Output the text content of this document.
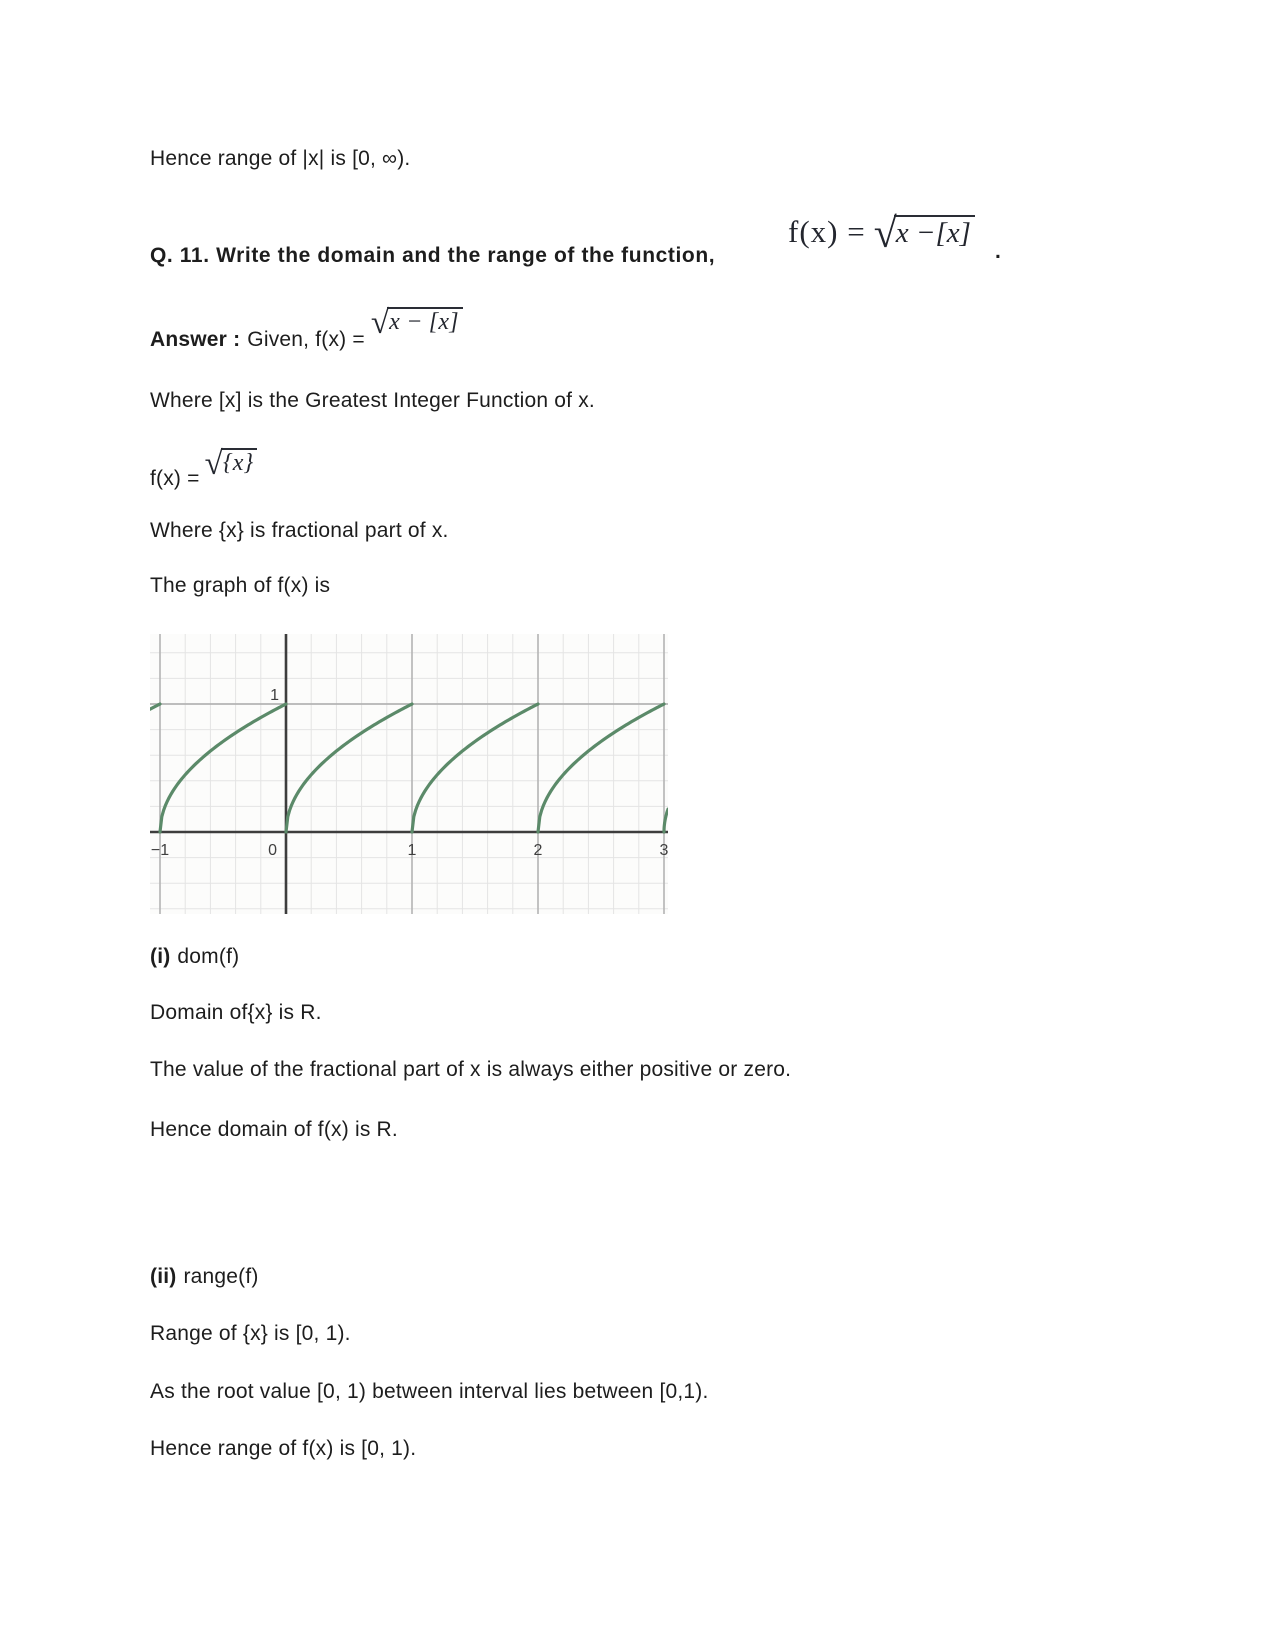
Hence range of |x| is [0, ∞).
Q. 11. Write the domain and the range of the function,
f(x) = √x −[x]
.
Answer : Given, f(x) = √x − [x]
Where [x] is the Greatest Integer Function of x.
f(x) = √{x}
Where {x} is fractional part of x.
The graph of f(x) is
−1	0	1	2	3
1
(i) dom(f)
Domain of{x} is R.
The value of the fractional part of x is always either positive or zero.
Hence domain of f(x) is R.
(ii) range(f)
Range of {x} is [0, 1).
As the root value [0, 1) between interval lies between [0,1).
Hence range of f(x) is [0, 1).
